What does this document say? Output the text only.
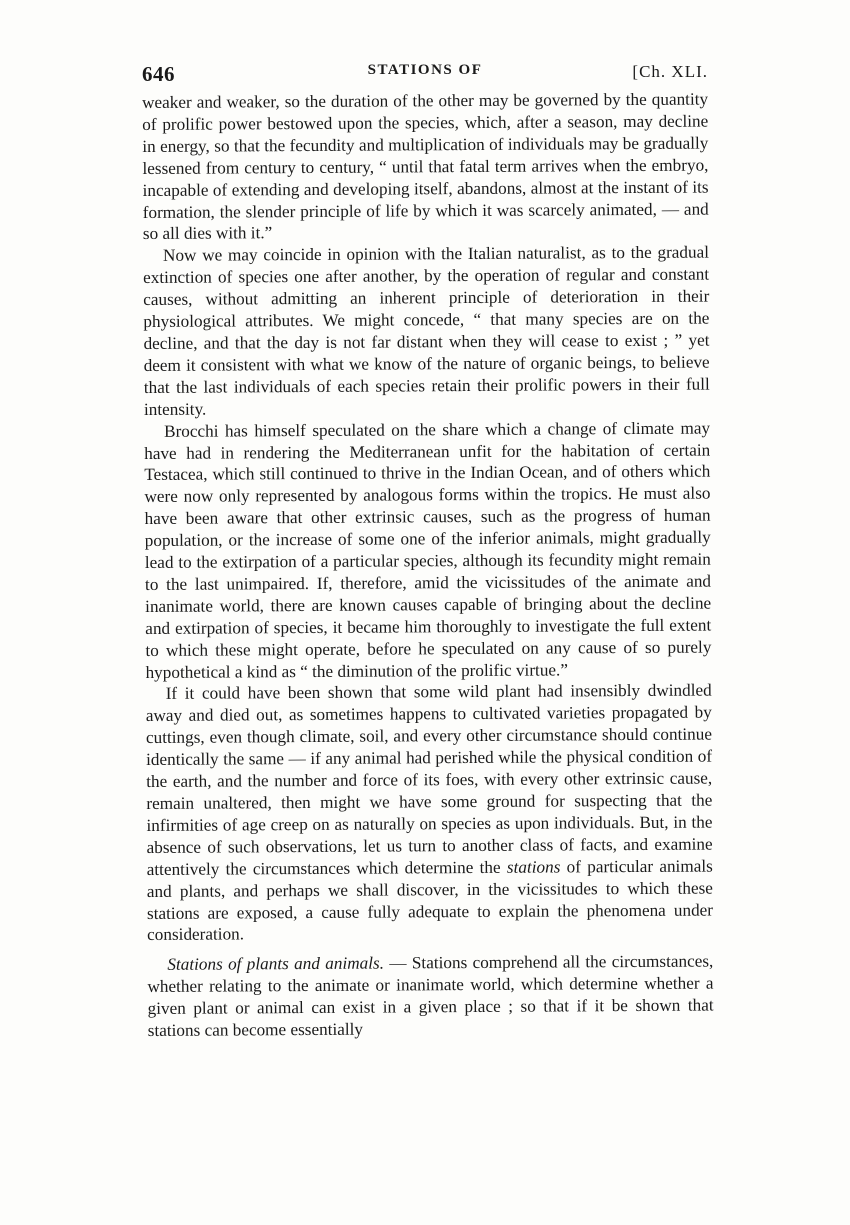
646	STATIONS OF	[Ch. XLI.

weaker and weaker, so the duration of the other may be governed by the quantity of prolific power bestowed upon the species, which, after a season, may decline in energy, so that the fecundity and multiplication of individuals may be gradually lessened from century to century, “ until that fatal term arrives when the embryo, incapable of extending and developing itself, abandons, almost at the instant of its formation, the slender principle of life by which it was scarcely animated, — and so all dies with it.”

Now we may coincide in opinion with the Italian naturalist, as to the gradual extinction of species one after another, by the operation of regular and constant causes, without admitting an inherent principle of deterioration in their physiological attributes. We might concede, “ that many species are on the decline, and that the day is not far distant when they will cease to exist ; ” yet deem it consistent with what we know of the nature of organic beings, to believe that the last individuals of each species retain their prolific powers in their full intensity.

Brocchi has himself speculated on the share which a change of climate may have had in rendering the Mediterranean unfit for the habitation of certain Testacea, which still continued to thrive in the Indian Ocean, and of others which were now only represented by analogous forms within the tropics. He must also have been aware that other extrinsic causes, such as the progress of human population, or the increase of some one of the inferior animals, might gradually lead to the extirpation of a particular species, although its fecundity might remain to the last unimpaired. If, therefore, amid the vicissitudes of the animate and inanimate world, there are known causes capable of bringing about the decline and extirpation of species, it became him thoroughly to investigate the full extent to which these might operate, before he speculated on any cause of so purely hypothetical a kind as “ the diminution of the prolific virtue.”

If it could have been shown that some wild plant had insensibly dwindled away and died out, as sometimes happens to cultivated varieties propagated by cuttings, even though climate, soil, and every other circumstance should continue identically the same — if any animal had perished while the physical condition of the earth, and the number and force of its foes, with every other extrinsic cause, remain unaltered, then might we have some ground for suspecting that the infirmities of age creep on as naturally on species as upon individuals. But, in the absence of such observations, let us turn to another class of facts, and examine attentively the circumstances which determine the stations of particular animals and plants, and perhaps we shall discover, in the vicissitudes to which these stations are exposed, a cause fully adequate to explain the phenomena under consideration.

Stations of plants and animals. — Stations comprehend all the circumstances, whether relating to the animate or inanimate world, which determine whether a given plant or animal can exist in a given place ; so that if it be shown that stations can become essentially
